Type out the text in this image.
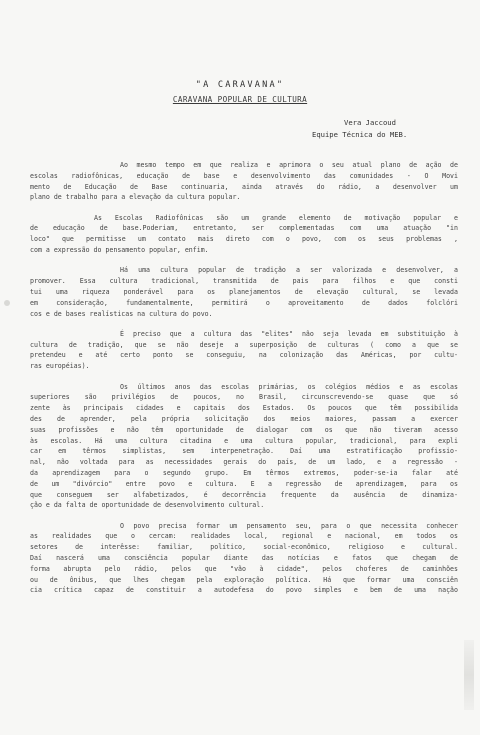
"A CARAVANA"
CARAVANA POPULAR DE CULTURA
Vera Jaccoud
Equipe Técnica do MEB.
Ao mesmo tempo em que realiza e aprimora o seu atual plano de ação de
escolas radiofônicas, educação de base e desenvolvimento das comunidades - O Movi
mento de Educação de Base continuaria, ainda através do rádio, a desenvolver um
plano de trabalho para a elevação da cultura popular.
As Escolas Radiofônicas são um grande elemento de motivação popular e
de educação de base.Poderiam, entretanto, ser complementadas com uma atuação "in
loco" que permitisse um contato mais direto com o povo, com os seus problemas ,
com a expressão do pensamento popular, enfim.
Há uma cultura popular de tradição a ser valorizada e desenvolver, a
promover. Essa cultura tradicional, transmitida de pais para filhos e que consti
tui uma riqueza ponderável para os planejamentos de elevação cultural, se levada
em consideração, fundamentalmente, permitirá o aproveitamento de dados folclóri
cos e de bases realísticas na cultura do povo.
É preciso que a cultura das "elites" não seja levada em substituição à
cultura de tradição, que se não deseje a superposição de culturas ( como a que se
pretendeu e até certo ponto se conseguiu, na colonização das Américas, por cultu-
ras européias).
Os últimos anos das escolas primárias, os colégios médios e as escolas
superiores são privilégios de poucos, no Brasil, circunscrevendo-se quase que só
zente às principais cidades e capitais dos Estados. Os poucos que têm possibilida
des de aprender, pela própria solicitação dos meios maiores, passam a exercer
suas profissões e não têm oportunidade de dialogar com os que não tiveram acesso
às escolas. Há uma cultura citadina e uma cultura popular, tradicional, para expli
car em têrmos simplistas, sem interpenetração. Daí uma estratificação profissio-
nal, não voltada para as necessidades gerais do país, de um lado, e a regressão -
da aprendizagem para o segundo grupo. Em têrmos extremos, poder-se-ia falar até
de um "divórcio" entre povo e cultura. E a regressão de aprendizagem, para os
que conseguem ser alfabetizados, é decorrência frequente da ausência de dinamiza-
ção e da falta de oportunidade de desenvolvimento cultural.
O povo precisa formar um pensamento seu, para o que necessita conhecer
as realidades que o cercam: realidades local, regional e nacional, em todos os
setores de interêsse: familiar, político, social-econômico, religioso e cultural.
Daí nascerá uma consciência popular diante das notícias e fatos que chegam de
forma abrupta pelo rádio, pelos que "vão à cidade", pelos choferes de caminhões
ou de ônibus, que lhes chegam pela exploração política. Há que formar uma consciên
cia crítica capaz de constituir a autodefesa do povo simples e bem de uma nação
